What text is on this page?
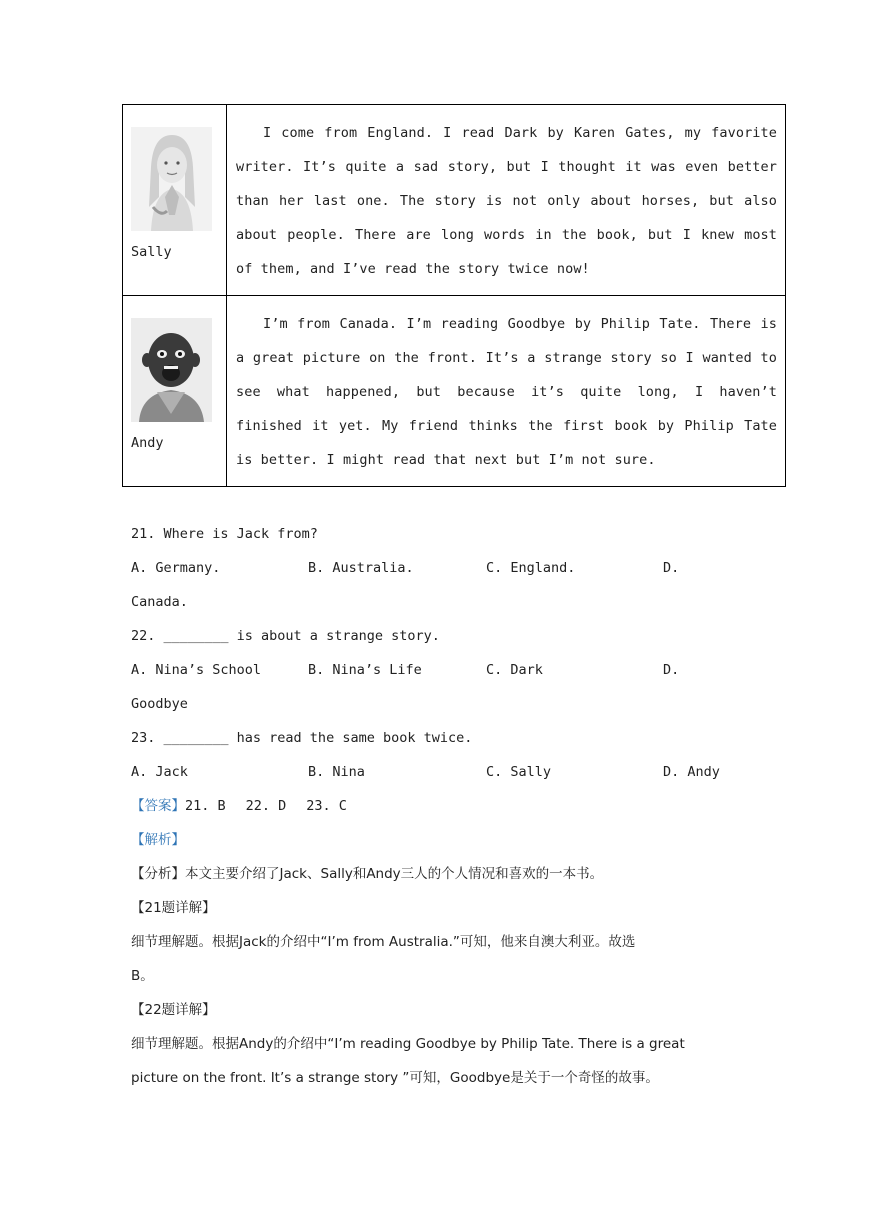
Sally	I come from England. I read Dark by Karen Gates, my favorite writer. It’s quite a sad story, but I thought it was even better than her last one. The story is not only about horses, but also about people. There are long words in the book, but I knew most of them, and I’ve read the story twice now!

Andy	I’m from Canada. I’m reading Goodbye by Philip Tate. There is a great picture on the front. It’s a strange story so I wanted to see what happened, but because it’s quite long, I haven’t finished it yet. My friend thinks the first book by Philip Tate is better. I might read that next but I’m not sure.
21. Where is Jack from?
A. Germany.	B. Australia.	C. England.	D.
Canada.
22. ________ is about a strange story.
A. Nina’s School	B. Nina’s Life	C. Dark	D.
Goodbye
23. ________ has read the same book twice.
A. Jack	B. Nina	C. Sally	D. Andy
【答案】21. B 22. D 23. C
【解析】
【分析】本文主要介绍了Jack、Sally和Andy三人的个人情况和喜欢的一本书。
【21题详解】
细节理解题。根据Jack的介绍中“I’m from Australia.”可知，他来自澳大利亚。故选
B。
【22题详解】
细节理解题。根据Andy的介绍中“I’m reading Goodbye by Philip Tate. There is a great
picture on the front. It’s a strange story ”可知，Goodbye是关于一个奇怪的故事。
